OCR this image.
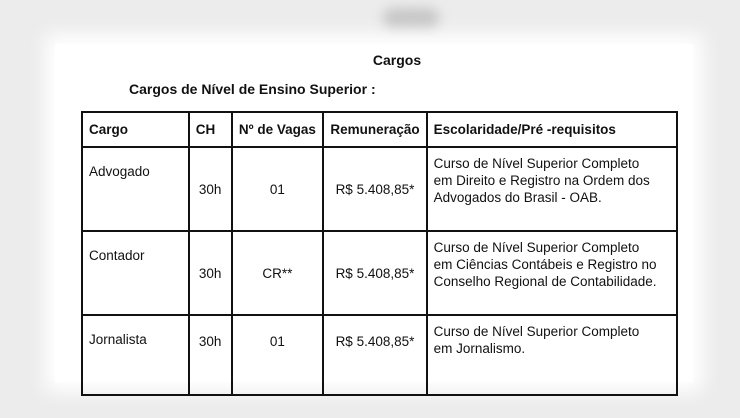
Cargos
Cargos de Nível de Ensino Superior :
Cargo	CH	Nº de Vagas	Remuneração	Escolaridade/Pré -requisitos
Advogado	30h	01	R$ 5.408,85*	Curso de Nível Superior Completo
em Direito e Registro na Ordem dos
Advogados do Brasil - OAB.

Contador	30h	CR**	R$ 5.408,85*	Curso de Nível Superior Completo
em Ciências Contábeis e Registro no
Conselho Regional de Contabilidade.

Jornalista	30h	01	R$ 5.408,85*	Curso de Nível Superior Completo
em Jornalismo.
